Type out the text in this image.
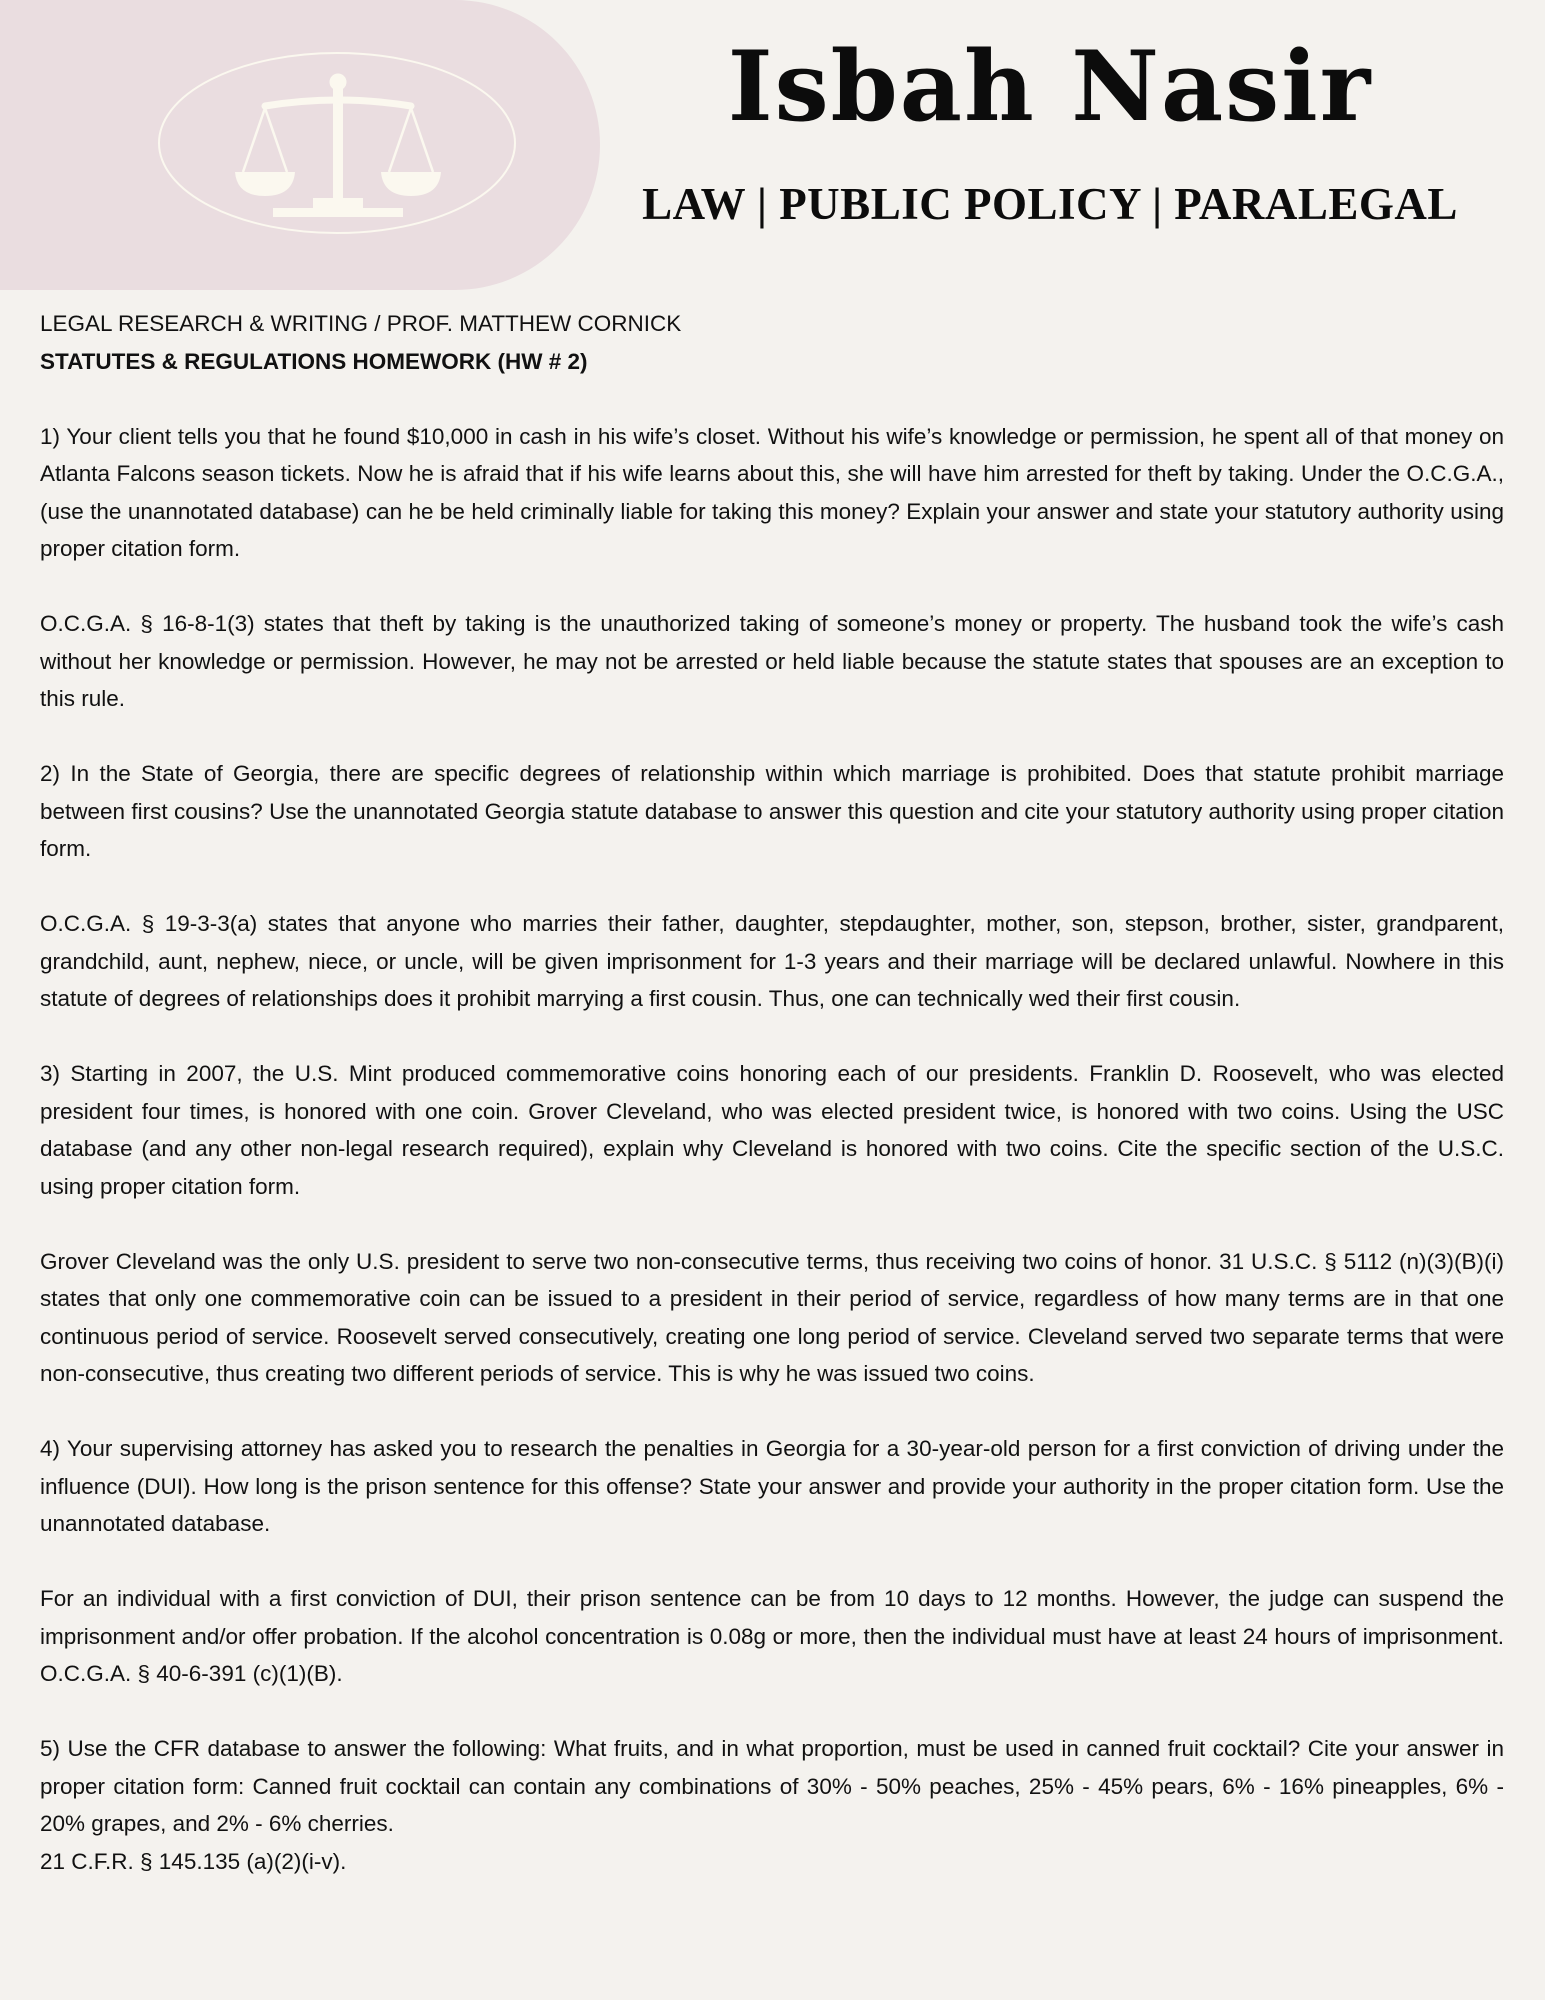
Isbah Nasir
LAW | PUBLIC POLICY | PARALEGAL

LEGAL RESEARCH & WRITING / PROF. MATTHEW CORNICK

STATUTES & REGULATIONS HOMEWORK (HW # 2)

1) Your client tells you that he found $10,000 in cash in his wife’s closet. Without his wife’s knowledge or permission, he spent all of that money on Atlanta Falcons season tickets. Now he is afraid that if his wife learns about this, she will have him arrested for theft by taking. Under the O.C.G.A., (use the unannotated database) can he be held criminally liable for taking this money? Explain your answer and state your statutory authority using proper citation form.

O.C.G.A. § 16-8-1(3) states that theft by taking is the unauthorized taking of someone’s money or property. The husband took the wife’s cash without her knowledge or permission. However, he may not be arrested or held liable because the statute states that spouses are an exception to this rule.

2) In the State of Georgia, there are specific degrees of relationship within which marriage is prohibited. Does that statute prohibit marriage between first cousins? Use the unannotated Georgia statute database to answer this question and cite your statutory authority using proper citation form.

O.C.G.A. § 19-3-3(a) states that anyone who marries their father, daughter, stepdaughter, mother, son, stepson, brother, sister, grandparent, grandchild, aunt, nephew, niece, or uncle, will be given imprisonment for 1-3 years and their marriage will be declared unlawful. Nowhere in this statute of degrees of relationships does it prohibit marrying a first cousin. Thus, one can technically wed their first cousin.

3) Starting in 2007, the U.S. Mint produced commemorative coins honoring each of our presidents. Franklin D. Roosevelt, who was elected president four times, is honored with one coin. Grover Cleveland, who was elected president twice, is honored with two coins. Using the USC database (and any other non-legal research required), explain why Cleveland is honored with two coins. Cite the specific section of the U.S.C. using proper citation form.

Grover Cleveland was the only U.S. president to serve two non-consecutive terms, thus receiving two coins of honor. 31 U.S.C. § 5112 (n)(3)(B)(i) states that only one commemorative coin can be issued to a president in their period of service, regardless of how many terms are in that one continuous period of service. Roosevelt served consecutively, creating one long period of service. Cleveland served two separate terms that were non-consecutive, thus creating two different periods of service. This is why he was issued two coins.

4) Your supervising attorney has asked you to research the penalties in Georgia for a 30-year-old person for a first conviction of driving under the influence (DUI). How long is the prison sentence for this offense? State your answer and provide your authority in the proper citation form. Use the unannotated database.

For an individual with a first conviction of DUI, their prison sentence can be from 10 days to 12 months. However, the judge can suspend the imprisonment and/or offer probation. If the alcohol concentration is 0.08g or more, then the individual must have at least 24 hours of imprisonment. O.C.G.A. § 40-6-391 (c)(1)(B).

5) Use the CFR database to answer the following: What fruits, and in what proportion, must be used in canned fruit cocktail? Cite your answer in proper citation form: Canned fruit cocktail can contain any combinations of 30% - 50% peaches, 25% - 45% pears, 6% - 16% pineapples, 6% - 20% grapes, and 2% - 6% cherries.

21 C.F.R. § 145.135 (a)(2)(i-v).
